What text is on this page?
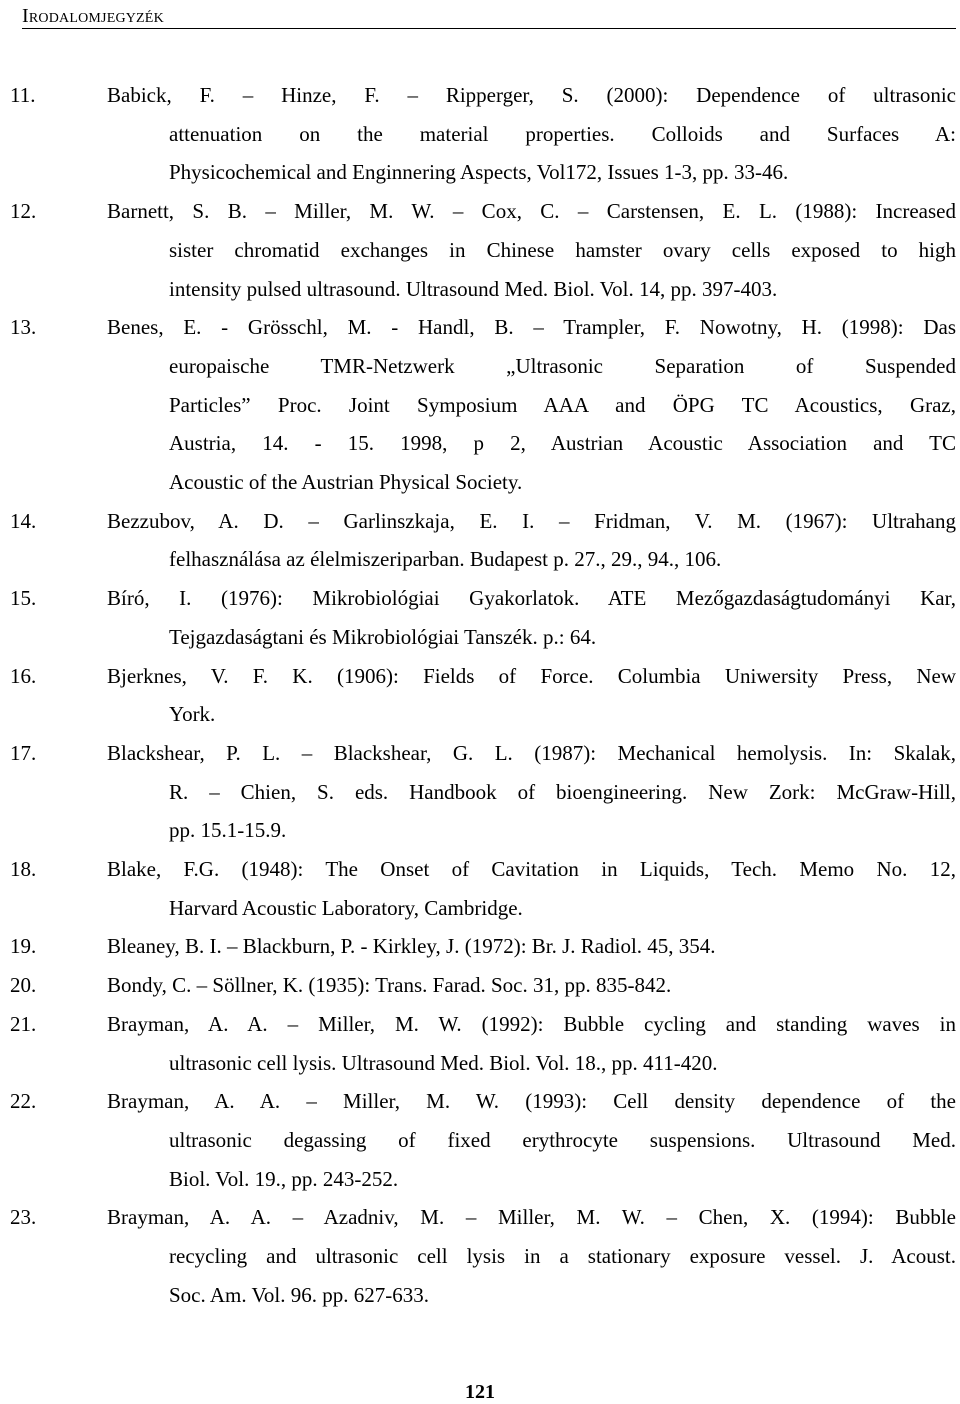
Irodalomjegyzék
11.	Babick, F. – Hinze, F. – Ripperger, S. (2000): Dependence of ultrasonic
attenuation on the material properties. Colloids and Surfaces A:
Physicochemical and Enginnering Aspects, Vol172, Issues 1-3, pp. 33-46.
12.	Barnett, S. B. – Miller, M. W. – Cox, C. – Carstensen, E. L. (1988): Increased
sister chromatid exchanges in Chinese hamster ovary cells exposed to high
intensity pulsed ultrasound. Ultrasound Med. Biol. Vol. 14, pp. 397-403.
13.	Benes, E. - Grösschl, M. - Handl, B. – Trampler, F. Nowotny, H. (1998): Das
europaische TMR-Netzwerk „Ultrasonic Separation of Suspended
Particles” Proc. Joint Symposium AAA and ÖPG TC Acoustics, Graz,
Austria, 14. - 15. 1998, p 2, Austrian Acoustic Association and TC
Acoustic of the Austrian Physical Society.
14.	Bezzubov, A. D. – Garlinszkaja, E. I. – Fridman, V. M. (1967): Ultrahang
felhasználása az élelmiszeriparban. Budapest p. 27., 29., 94., 106.
15.	Bíró, I. (1976): Mikrobiológiai Gyakorlatok. ATE Mezőgazdaságtudományi Kar,
Tejgazdaságtani és Mikrobiológiai Tanszék. p.: 64.
16.	Bjerknes, V. F. K. (1906): Fields of Force. Columbia Uniwersity Press, New
York.
17.	Blackshear, P. L. – Blackshear, G. L. (1987): Mechanical hemolysis. In: Skalak,
R. – Chien, S. eds. Handbook of bioengineering. New Zork: McGraw-Hill,
pp. 15.1-15.9.
18.	Blake, F.G. (1948): The Onset of Cavitation in Liquids, Tech. Memo No. 12,
Harvard Acoustic Laboratory, Cambridge.
19.	Bleaney, B. I. – Blackburn, P. - Kirkley, J. (1972): Br. J. Radiol. 45, 354.
20.	Bondy, C. – Söllner, K. (1935): Trans. Farad. Soc. 31, pp. 835-842.
21.	Brayman, A. A. – Miller, M. W. (1992): Bubble cycling and standing waves in
ultrasonic cell lysis. Ultrasound Med. Biol. Vol. 18., pp. 411-420.
22.	Brayman, A. A. – Miller, M. W. (1993): Cell density dependence of the
ultrasonic degassing of fixed erythrocyte suspensions. Ultrasound Med.
Biol. Vol. 19., pp. 243-252.
23.	Brayman, A. A. – Azadniv, M. – Miller, M. W. – Chen, X. (1994): Bubble
recycling and ultrasonic cell lysis in a stationary exposure vessel. J. Acoust.
Soc. Am. Vol. 96. pp. 627-633.
121
